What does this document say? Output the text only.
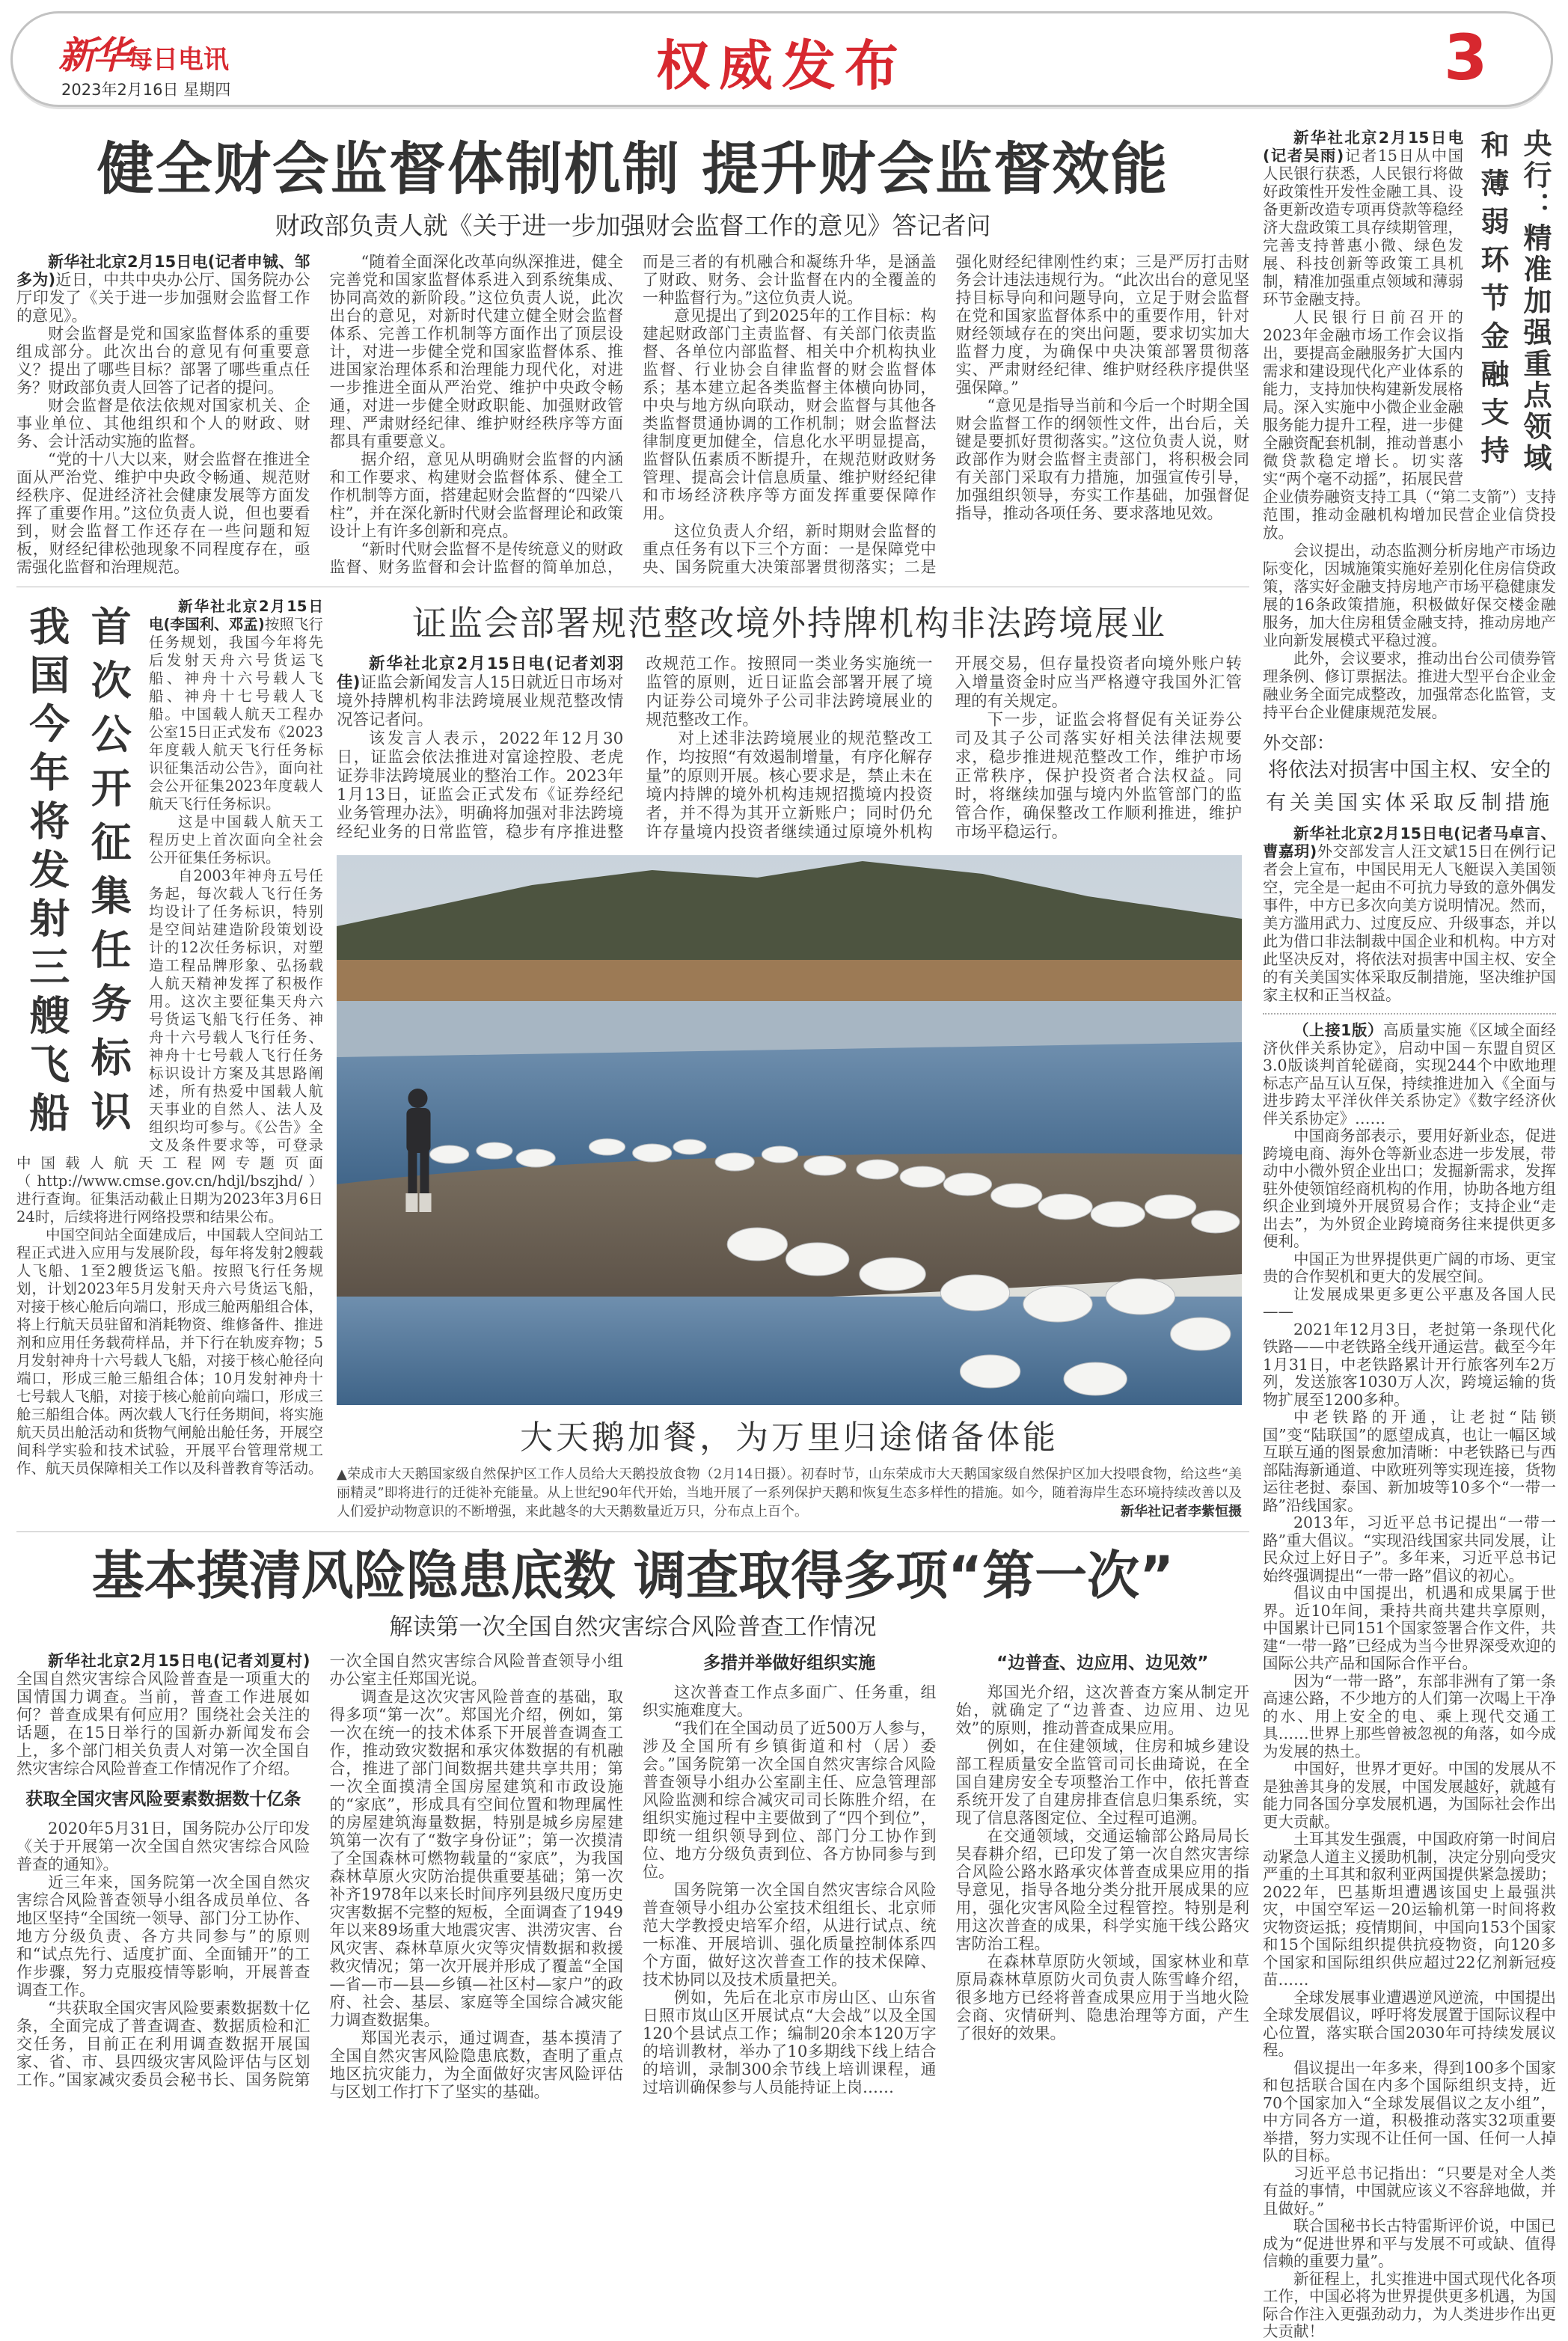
新华每日电讯
2023年2月16日 星期四	权威发布	3
健全财会监督体制机制 提升财会监督效能
财政部负责人就《关于进一步加强财会监督工作的意见》答记者问

新华社北京2月15日电(记者申铖、邹多为)近日，中共中央办公厅、国务院办公厅印发了《关于进一步加强财会监督工作的意见》。

财会监督是党和国家监督体系的重要组成部分。此次出台的意见有何重要意义？提出了哪些目标？部署了哪些重点任务？财政部负责人回答了记者的提问。

财会监督是依法依规对国家机关、企事业单位、其他组织和个人的财政、财务、会计活动实施的监督。

“党的十八大以来，财会监督在推进全面从严治党、维护中央政令畅通、规范财经秩序、促进经济社会健康发展等方面发挥了重要作用。”这位负责人说，但也要看到，财会监督工作还存在一些问题和短板，财经纪律松弛现象不同程度存在，亟需强化监督和治理规范。

“随着全面深化改革向纵深推进，健全完善党和国家监督体系进入到系统集成、协同高效的新阶段。”这位负责人说，此次出台的意见，对新时代建立健全财会监督体系、完善工作机制等方面作出了顶层设计，对进一步健全党和国家监督体系、推进国家治理体系和治理能力现代化，对进一步推进全面从严治党、维护中央政令畅通，对进一步健全财政职能、加强财政管理、严肃财经纪律、维护财经秩序等方面都具有重要意义。

据介绍，意见从明确财会监督的内涵和工作要求、构建财会监督体系、健全工作机制等方面，搭建起财会监督的“四梁八柱”，并在深化新时代财会监督理论和政策设计上有许多创新和亮点。

“新时代财会监督不是传统意义的财政监督、财务监督和会计监督的简单加总，而是三者的有机融合和凝练升华，是涵盖了财政、财务、会计监督在内的全覆盖的一种监督行为。”这位负责人说。

意见提出了到2025年的工作目标：构建起财政部门主责监督、有关部门依责监督、各单位内部监督、相关中介机构执业监督、行业协会自律监督的财会监督体系；基本建立起各类监督主体横向协同，中央与地方纵向联动，财会监督与其他各类监督贯通协调的工作机制；财会监督法律制度更加健全，信息化水平明显提高，监督队伍素质不断提升，在规范财政财务管理、提高会计信息质量、维护财经纪律和市场经济秩序等方面发挥重要保障作用。

这位负责人介绍，新时期财会监督的重点任务有以下三个方面：一是保障党中央、国务院重大决策部署贯彻落实；二是强化财经纪律刚性约束；三是严厉打击财务会计违法违规行为。“此次出台的意见坚持目标导向和问题导向，立足于财会监督在党和国家监督体系中的重要作用，针对财经领域存在的突出问题，要求切实加大监督力度，为确保中央决策部署贯彻落实、严肃财经纪律、维护财经秩序提供坚强保障。”

“意见是指导当前和今后一个时期全国财会监督工作的纲领性文件，出台后，关键是要抓好贯彻落实。”这位负责人说，财政部作为财会监督主责部门，将积极会同有关部门采取有力措施，加强宣传引导，加强组织领导，夯实工作基础，加强督促指导，推动各项任务、要求落地见效。

首次公开征集任务标识
我国今年将发射三艘飞船	新华社北京2月15日电(李国利、邓孟)按照飞行任务规划，我国今年将先后发射天舟六号货运飞船、神舟十六号载人飞船、神舟十七号载人飞船。中国载人航天工程办公室15日正式发布《2023年度载人航天飞行任务标识征集活动公告》，面向社会公开征集2023年度载人航天飞行任务标识。

这是中国载人航天工程历史上首次面向全社会公开征集任务标识。

自2003年神舟五号任务起，每次载人飞行任务均设计了任务标识，特别是空间站建造阶段策划设计的12次任务标识，对塑造工程品牌形象、弘扬载人航天精神发挥了积极作用。这次主要征集天舟六号货运飞船飞行任务、神舟十六号载人飞行任务、神舟十七号载人飞行任务标识设计方案及其思路阐述，所有热爱中国载人航天事业的自然人、法人及组织均可参与。《公告》全文及条件要求等，可登录中国载人航天工程网专题页面（http://www.cmse.gov.cn/hdjl/bszjhd/）进行查询。征集活动截止日期为2023年3月6日24时，后续将进行网络投票和结果公布。

中国空间站全面建成后，中国载人空间站工程正式进入应用与发展阶段，每年将发射2艘载人飞船、1至2艘货运飞船。按照飞行任务规划，计划2023年5月发射天舟六号货运飞船，对接于核心舱后向端口，形成三舱两船组合体，将上行航天员驻留和消耗物资、维修备件、推进剂和应用任务载荷样品，并下行在轨废弃物；5月发射神舟十六号载人飞船，对接于核心舱径向端口，形成三舱三船组合体；10月发射神舟十七号载人飞船，对接于核心舱前向端口，形成三舱三船组合体。两次载人飞行任务期间，将实施航天员出舱活动和货物气闸舱出舱任务，开展空间科学实验和技术试验，开展平台管理常规工作、航天员保障相关工作以及科普教育等活动。

证监会部署规范整改境外持牌机构非法跨境展业

新华社北京2月15日电(记者刘羽佳)证监会新闻发言人15日就近日市场对境外持牌机构非法跨境展业规范整改情况答记者问。

该发言人表示，2022年12月30日，证监会依法推进对富途控股、老虎证券非法跨境展业的整治工作。2023年1月13日，证监会正式发布《证券经纪业务管理办法》，明确将加强对非法跨境经纪业务的日常监管，稳步有序推进整改规范工作。按照同一类业务实施统一监管的原则，近日证监会部署开展了境内证券公司境外子公司非法跨境展业的规范整改工作。

对上述非法跨境展业的规范整改工作，均按照“有效遏制增量，有序化解存量”的原则开展。核心要求是，禁止未在境内持牌的境外机构违规招揽境内投资者，并不得为其开立新账户；同时仍允许存量境内投资者继续通过原境外机构开展交易，但存量投资者向境外账户转入增量资金时应当严格遵守我国外汇管理的有关规定。

下一步，证监会将督促有关证券公司及其子公司落实好相关法律法规要求，稳步推进规范整改工作，维护市场正常秩序，保护投资者合法权益。同时，将继续加强与境内外监管部门的监管合作，确保整改工作顺利推进，维护市场平稳运行。

大天鹅加餐，为万里归途储备体能
▲荣成市大天鹅国家级自然保护区工作人员给大天鹅投放食物（2月14日摄）。初春时节，山东荣成市大天鹅国家级自然保护区加大投喂食物，给这些“美丽精灵”即将进行的迁徙补充能量。从上世纪90年代开始，当地开展了一系列保护天鹅和恢复生态多样性的措施。如今，随着海岸生态环境持续改善以及人们爱护动物意识的不断增强，来此越冬的大天鹅数量近万只，分布点上百个。	新华社记者李紫恒摄
基本摸清风险隐患底数 调查取得多项“第一次”
解读第一次全国自然灾害综合风险普查工作情况

新华社北京2月15日电(记者刘夏村)全国自然灾害综合风险普查是一项重大的国情国力调查。当前，普查工作进展如何？普查成果有何应用？围绕社会关注的话题，在15日举行的国新办新闻发布会上，多个部门相关负责人对第一次全国自然灾害综合风险普查工作情况作了介绍。

获取全国灾害风险要素数据数十亿条

2020年5月31日，国务院办公厅印发《关于开展第一次全国自然灾害综合风险普查的通知》。

近三年来，国务院第一次全国自然灾害综合风险普查领导小组各成员单位、各地区坚持“全国统一领导、部门分工协作、地方分级负责、各方共同参与”的原则和“试点先行、适度扩面、全面铺开”的工作步骤，努力克服疫情等影响，开展普查调查工作。

“共获取全国灾害风险要素数据数十亿条，全面完成了普查调查、数据质检和汇交任务，目前正在利用调查数据开展国家、省、市、县四级灾害风险评估与区划工作。”国家减灾委员会秘书长、国务院第一次全国自然灾害综合风险普查领导小组办公室主任郑国光说。

调查是这次灾害风险普查的基础，取得多项“第一次”。郑国光介绍，例如，第一次在统一的技术体系下开展普查调查工作，推动致灾数据和承灾体数据的有机融合，推进了部门间数据共建共享共用；第一次全面摸清全国房屋建筑和市政设施的“家底”，形成具有空间位置和物理属性的房屋建筑海量数据，特别是城乡房屋建筑第一次有了“数字身份证”；第一次摸清了全国森林可燃物载量的“家底”，为我国森林草原火灾防治提供重要基础；第一次补齐1978年以来长时间序列县级尺度历史灾害数据不完整的短板，全面调查了1949年以来89场重大地震灾害、洪涝灾害、台风灾害、森林草原火灾等灾情数据和救援救灾情况；第一次开展并形成了覆盖“全国—省—市—县—乡镇—社区村—家户”的政府、社会、基层、家庭等全国综合减灾能力调查数据集。

郑国光表示，通过调查，基本摸清了全国自然灾害风险隐患底数，查明了重点地区抗灾能力，为全面做好灾害风险评估与区划工作打下了坚实的基础。

多措并举做好组织实施

这次普查工作点多面广、任务重，组织实施难度大。

“我们在全国动员了近500万人参与，涉及全国所有乡镇街道和村（居）委会。”国务院第一次全国自然灾害综合风险普查领导小组办公室副主任、应急管理部风险监测和综合减灾司司长陈胜介绍，在组织实施过程中主要做到了“四个到位”，即统一组织领导到位、部门分工协作到位、地方分级负责到位、各方协同参与到位。

国务院第一次全国自然灾害综合风险普查领导小组办公室技术组组长、北京师范大学教授史培军介绍，从进行试点、统一标准、开展培训、强化质量控制体系四个方面，做好这次普查工作的技术保障、技术协同以及技术质量把关。

例如，先后在北京市房山区、山东省日照市岚山区开展试点“大会战”以及全国120个县试点工作；编制20余本120万字的培训教材，举办了10多期线下线上结合的培训，录制300余节线上培训课程，通过培训确保参与人员能持证上岗……

“边普查、边应用、边见效”

郑国光介绍，这次普查方案从制定开始，就确定了“边普查、边应用、边见效”的原则，推动普查成果应用。

例如，在住建领域，住房和城乡建设部工程质量安全监管司司长曲琦说，在全国自建房安全专项整治工作中，依托普查系统开发了自建房排查信息归集系统，实现了信息落图定位、全过程可追溯。

在交通领域，交通运输部公路局局长吴春耕介绍，已印发了第一次自然灾害综合风险公路水路承灾体普查成果应用的指导意见，指导各地分类分批开展成果的应用，强化灾害风险全过程管控。特别是利用这次普查的成果，科学实施干线公路灾害防治工程。

在森林草原防火领域，国家林业和草原局森林草原防火司负责人陈雪峰介绍，很多地方已经将普查成果应用于当地火险会商、灾情研判、隐患治理等方面，产生了很好的效果。

央行：精准加强重点领域
和薄弱环节金融支持

新华社北京2月15日电(记者吴雨)记者15日从中国人民银行获悉，人民银行将做好政策性开发性金融工具、设备更新改造专项再贷款等稳经济大盘政策工具存续期管理，完善支持普惠小微、绿色发展、科技创新等政策工具机制，精准加强重点领域和薄弱环节金融支持。

人民银行日前召开的2023年金融市场工作会议指出，要提高金融服务扩大国内需求和建设现代化产业体系的能力，支持加快构建新发展格局。深入实施中小微企业金融服务能力提升工程，进一步健全融资配套机制，推动普惠小微贷款稳定增长。切实落实“两个毫不动摇”，拓展民营企业债券融资支持工具（“第二支箭”）支持范围，推动金融机构增加民营企业信贷投放。

会议提出，动态监测分析房地产市场边际变化，因城施策实施好差别化住房信贷政策，落实好金融支持房地产市场平稳健康发展的16条政策措施，积极做好保交楼金融服务，加大住房租赁金融支持，推动房地产业向新发展模式平稳过渡。

此外，会议要求，推动出台公司债券管理条例、修订票据法。推进大型平台企业金融业务全面完成整改，加强常态化监管，支持平台企业健康规范发展。

外交部：
将依法对损害中国主权、安全的
有关美国实体采取反制措施

新华社北京2月15日电(记者马卓言、曹嘉玥)外交部发言人汪文斌15日在例行记者会上宣布，中国民用无人飞艇误入美国领空，完全是一起由不可抗力导致的意外偶发事件，中方已多次向美方说明情况。然而，美方滥用武力、过度反应、升级事态，并以此为借口非法制裁中国企业和机构。中方对此坚决反对，将依法对损害中国主权、安全的有关美国实体采取反制措施，坚决维护国家主权和正当权益。

（上接1版）高质量实施《区域全面经济伙伴关系协定》，启动中国－东盟自贸区3.0版谈判首轮磋商，实现244个中欧地理标志产品互认互保，持续推进加入《全面与进步跨太平洋伙伴关系协定》《数字经济伙伴关系协定》……

中国商务部表示，要用好新业态，促进跨境电商、海外仓等新业态进一步发展，带动中小微外贸企业出口；发掘新需求，发挥驻外使领馆经商机构的作用，协助各地方组织企业到境外开展贸易合作；支持企业“走出去”，为外贸企业跨境商务往来提供更多便利。

中国正为世界提供更广阔的市场、更宝贵的合作契机和更大的发展空间。

让发展成果更多更公平惠及各国人民——

2021年12月3日，老挝第一条现代化铁路——中老铁路全线开通运营。截至今年1月31日，中老铁路累计开行旅客列车2万列，发送旅客1030万人次，跨境运输的货物扩展至1200多种。

中老铁路的开通，让老挝“陆锁国”变“陆联国”的愿望成真，也让一幅区域互联互通的图景愈加清晰：中老铁路已与西部陆海新通道、中欧班列等实现连接，货物运往老挝、泰国、新加坡等10多个“一带一路”沿线国家。

2013年，习近平总书记提出“一带一路”重大倡议。“实现沿线国家共同发展，让民众过上好日子”。多年来，习近平总书记始终强调提出“一带一路”倡议的初心。

倡议由中国提出，机遇和成果属于世界。近10年间，秉持共商共建共享原则，中国累计已同151个国家签署合作文件，共建“一带一路”已经成为当今世界深受欢迎的国际公共产品和国际合作平台。

因为“一带一路”，东部非洲有了第一条高速公路，不少地方的人们第一次喝上干净的水、用上安全的电、乘上现代交通工具……世界上那些曾被忽视的角落，如今成为发展的热土。

中国好，世界才更好。中国的发展从不是独善其身的发展，中国发展越好，就越有能力同各国分享发展机遇，为国际社会作出更大贡献。

土耳其发生强震，中国政府第一时间启动紧急人道主义援助机制，决定分别向受灾严重的土耳其和叙利亚两国提供紧急援助；2022年，巴基斯坦遭遇该国史上最强洪灾，中国空军运－20运输机第一时间将救灾物资运抵；疫情期间，中国向153个国家和15个国际组织提供抗疫物资，向120多个国家和国际组织供应超过22亿剂新冠疫苗……

全球发展事业遭遇逆风逆流，中国提出全球发展倡议，呼吁将发展置于国际议程中心位置，落实联合国2030年可持续发展议程。

倡议提出一年多来，得到100多个国家和包括联合国在内多个国际组织支持，近70个国家加入“全球发展倡议之友小组”，中方同各方一道，积极推动落实32项重要举措，努力实现不让任何一国、任何一人掉队的目标。

习近平总书记指出：“只要是对全人类有益的事情，中国就应该义不容辞地做，并且做好。”

联合国秘书长古特雷斯评价说，中国已成为“促进世界和平与发展不可或缺、值得信赖的重要力量”。

新征程上，扎实推进中国式现代化各项工作，中国必将为世界提供更多机遇，为国际合作注入更强劲动力，为人类进步作出更大贡献！
